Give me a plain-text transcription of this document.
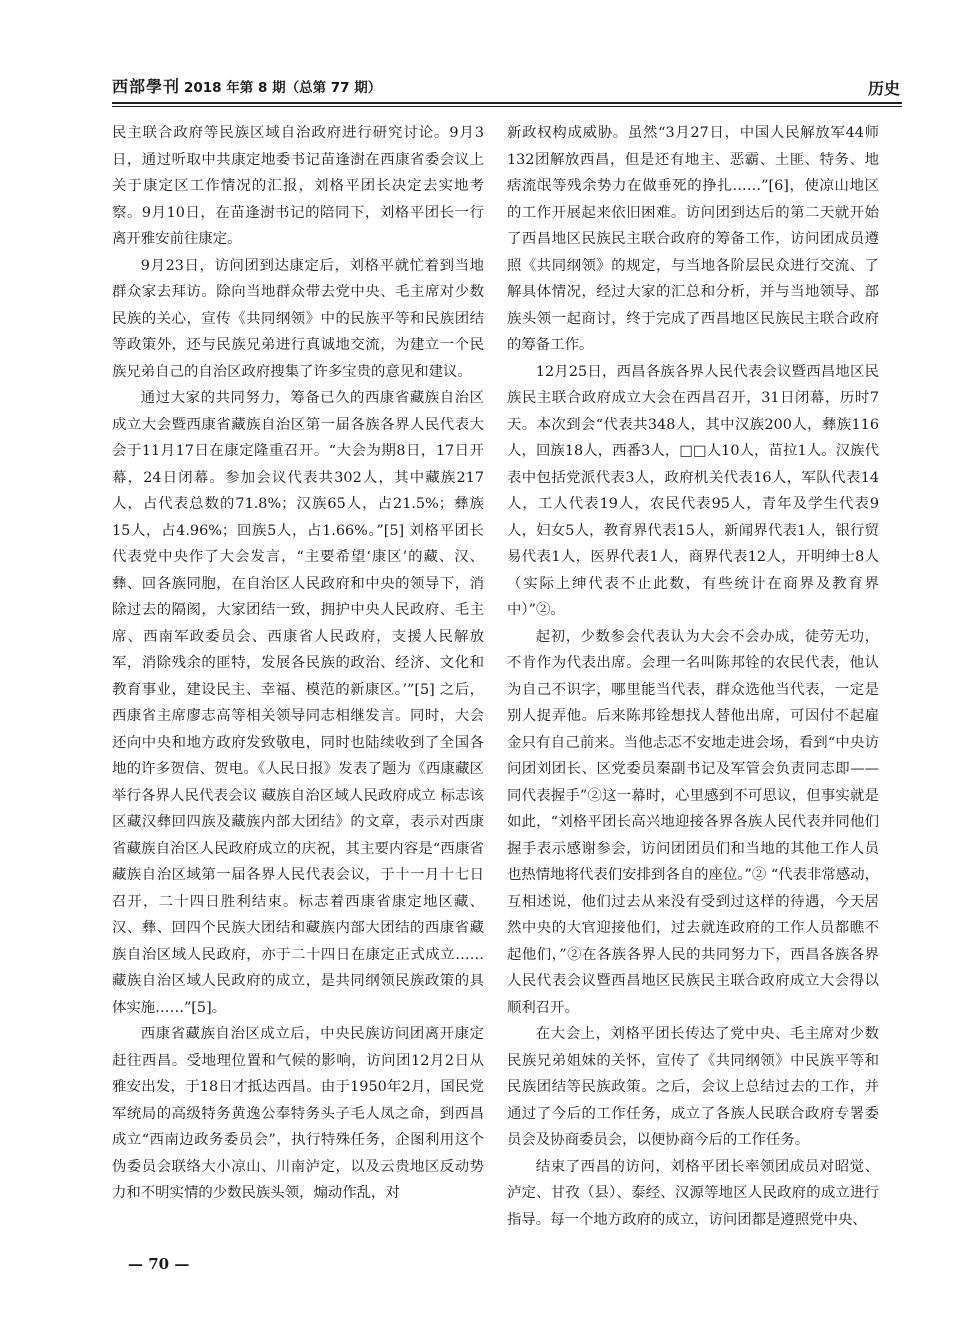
西部學刊 2018 年第 8 期（总第 77 期）	历史

民主联合政府等民族区域自治政府进行研究讨论。9月3日，通过听取中共康定地委书记苗逢澍在西康省委会议上关于康定区工作情况的汇报，刘格平团长决定去实地考察。9月10日，在苗逢澍书记的陪同下，刘格平团长一行离开雅安前往康定。

9月23日，访问团到达康定后，刘格平就忙着到当地群众家去拜访。除向当地群众带去党中央、毛主席对少数民族的关心，宣传《共同纲领》中的民族平等和民族团结等政策外，还与民族兄弟进行真诚地交流，为建立一个民族兄弟自己的自治区政府搜集了许多宝贵的意见和建议。

通过大家的共同努力，筹备已久的西康省藏族自治区成立大会暨西康省藏族自治区第一届各族各界人民代表大会于11月17日在康定隆重召开。“大会为期8日，17日开幕，24日闭幕。参加会议代表共302人，其中藏族217人，占代表总数的71.8%；汉族65人，占21.5%；彝族15人，占4.96%；回族5人，占1.66%。”[5] 刘格平团长代表党中央作了大会发言，“主要希望‘康区’的藏、汉、彝、回各族同胞，在自治区人民政府和中央的领导下，消除过去的隔阂，大家团结一致，拥护中央人民政府、毛主席、西南军政委员会、西康省人民政府，支援人民解放军，消除残余的匪特，发展各民族的政治、经济、文化和教育事业，建设民主、幸福、模范的新康区。’”[5] 之后，西康省主席廖志高等相关领导同志相继发言。同时，大会还向中央和地方政府发致敬电，同时也陆续收到了全国各地的许多贺信、贺电。《人民日报》发表了题为《西康藏区举行各界人民代表会议 藏族自治区域人民政府成立 标志该区藏汉彝回四族及藏族内部大团结》的文章，表示对西康省藏族自治区人民政府成立的庆祝，其主要内容是“西康省藏族自治区域第一届各界人民代表会议，于十一月十七日召开，二十四日胜利结束。标志着西康省康定地区藏、汉、彝、回四个民族大团结和藏族内部大团结的西康省藏族自治区域人民政府，亦于二十四日在康定正式成立……藏族自治区域人民政府的成立，是共同纲领民族政策的具体实施……”[5]。

西康省藏族自治区成立后，中央民族访问团离开康定赶往西昌。受地理位置和气候的影响，访问团12月2日从雅安出发，于18日才抵达西昌。由于1950年2月，国民党军统局的高级特务黄逸公奉特务头子毛人凤之命，到西昌成立“西南边政务委员会”，执行特殊任务，企图利用这个伪委员会联络大小凉山、川南泸定，以及云贵地区反动势力和不明实情的少数民族头领，煽动作乱，对

新政权构成威胁。虽然“3月27日，中国人民解放军44师132团解放西昌，但是还有地主、恶霸、土匪、特务、地痞流氓等残余势力在做垂死的挣扎……”[6]，使凉山地区的工作开展起来依旧困难。访问团到达后的第二天就开始了西昌地区民族民主联合政府的筹备工作，访问团成员遵照《共同纲领》的规定，与当地各阶层民众进行交流、了解具体情况，经过大家的汇总和分析，并与当地领导、部族头领一起商讨，终于完成了西昌地区民族民主联合政府的筹备工作。

12月25日，西昌各族各界人民代表会议暨西昌地区民族民主联合政府成立大会在西昌召开，31日闭幕，历时7天。本次到会“代表共348人，其中汉族200人，彝族116人，回族18人，西番3人，□□人10人，苗拉1人。汉族代表中包括党派代表3人，政府机关代表16人，军队代表14人，工人代表19人，农民代表95人，青年及学生代表9人，妇女5人，教育界代表15人，新闻界代表1人，银行贸易代表1人，医界代表1人，商界代表12人，开明绅士8人（实际上绅代表不止此数，有些统计在商界及教育界中）”②。

起初，少数参会代表认为大会不会办成，徒劳无功，不肯作为代表出席。会理一名叫陈邦铨的农民代表，他认为自己不识字，哪里能当代表，群众选他当代表，一定是别人捉弄他。后来陈邦铨想找人替他出席，可因付不起雇金只有自己前来。当他忐忑不安地走进会场，看到“中央访问团刘团长、区党委员秦副书记及军管会负责同志即——同代表握手”②这一幕时，心里感到不可思议，但事实就是如此，“刘格平团长高兴地迎接各界各族人民代表并同他们握手表示感谢参会，访问团团员们和当地的其他工作人员也热情地将代表们安排到各自的座位。”② “代表非常感动，互相述说，他们过去从来没有受到过这样的待遇，今天居然中央的大官迎接他们，过去就连政府的工作人员都瞧不起他们，”②在各族各界人民的共同努力下，西昌各族各界人民代表会议暨西昌地区民族民主联合政府成立大会得以顺利召开。

在大会上，刘格平团长传达了党中央、毛主席对少数民族兄弟姐妹的关怀，宣传了《共同纲领》中民族平等和民族团结等民族政策。之后，会议上总结过去的工作，并通过了今后的工作任务，成立了各族人民联合政府专署委员会及协商委员会，以便协商今后的工作任务。

结束了西昌的访问，刘格平团长率领团成员对昭觉、泸定、甘孜（县）、泰经、汉源等地区人民政府的成立进行指导。每一个地方政府的成立，访问团都是遵照党中央、

— 70 —
